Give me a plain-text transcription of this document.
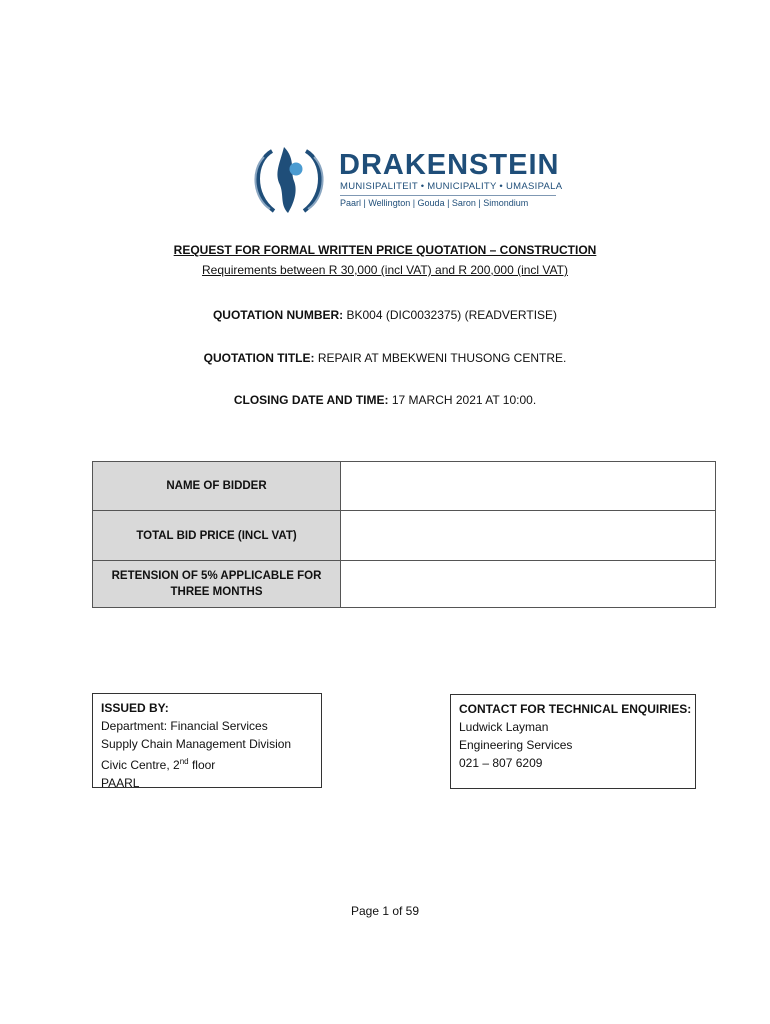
DRAKENSTEIN
MUNISIPALITEIT • MUNICIPALITY • UMASIPALA
Paarl | Wellington | Gouda | Saron | Simondium
REQUEST FOR FORMAL WRITTEN PRICE QUOTATION – CONSTRUCTION
Requirements between R 30,000 (incl VAT) and R 200,000 (incl VAT)
QUOTATION NUMBER: BK004 (DIC0032375) (READVERTISE)
QUOTATION TITLE: REPAIR AT MBEKWENI THUSONG CENTRE.
CLOSING DATE AND TIME: 17 MARCH 2021 AT 10:00.
NAME OF BIDDER	
TOTAL BID PRICE (INCL VAT)	

RETENSION OF 5% APPLICABLE FOR
THREE MONTHS	

ISSUED BY:
Department: Financial Services
Supply Chain Management Division
Civic Centre, 2nd floor
PAARL
CONTACT FOR TECHNICAL ENQUIRIES:
Ludwick Layman
Engineering Services
021 – 807 6209
Page 1 of 59
